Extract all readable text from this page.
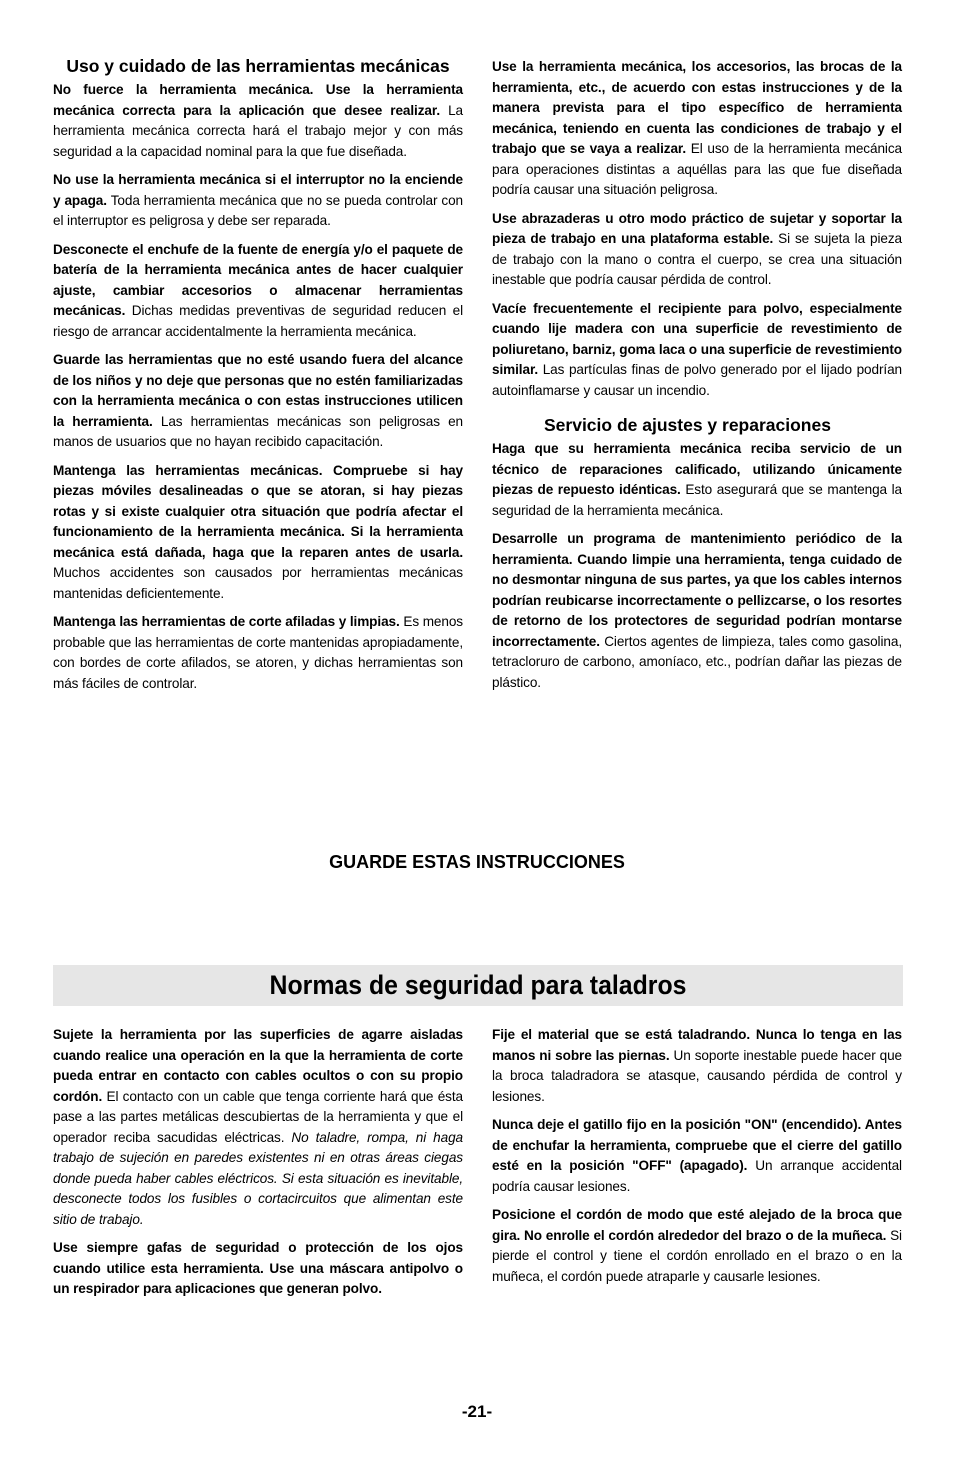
Uso y cuidado de las herramientas mecánicas

No fuerce la herramienta mecánica. Use la herramienta mecánica correcta para la aplicación que desee realizar. La herramienta mecánica correcta hará el trabajo mejor y con más seguridad a la capacidad nominal para la que fue diseñada.

No use la herramienta mecánica si el interruptor no la enciende y apaga. Toda herramienta mecánica que no se pueda controlar con el interruptor es peligrosa y debe ser reparada.

Desconecte el enchufe de la fuente de energía y/o el paquete de batería de la herramienta mecánica antes de hacer cualquier ajuste, cambiar accesorios o almacenar herramientas mecánicas. Dichas medidas preventivas de seguridad reducen el riesgo de arrancar accidentalmente la herramienta mecánica.

Guarde las herramientas que no esté usando fuera del alcance de los niños y no deje que personas que no estén familiarizadas con la herramienta mecánica o con estas instrucciones utilicen la herramienta. Las herramientas mecánicas son peligrosas en manos de usuarios que no hayan recibido capacitación.

Mantenga las herramientas mecánicas. Compruebe si hay piezas móviles desalineadas o que se atoran, si hay piezas rotas y si existe cualquier otra situación que podría afectar el funcionamiento de la herramienta mecánica. Si la herramienta mecánica está dañada, haga que la reparen antes de usarla. Muchos accidentes son causados por herramientas mecánicas mantenidas deficientemente.

Mantenga las herramientas de corte afiladas y limpias. Es menos probable que las herramientas de corte mantenidas apropiadamente, con bordes de corte afilados, se atoren, y dichas herramientas son más fáciles de controlar.

Use la herramienta mecánica, los accesorios, las brocas de la herramienta, etc., de acuerdo con estas instrucciones y de la manera prevista para el tipo específico de herramienta mecánica, teniendo en cuenta las condiciones de trabajo y el trabajo que se vaya a realizar. El uso de la herramienta mecánica para operaciones distintas a aquéllas para las que fue diseñada podría causar una situación peligrosa.

Use abrazaderas u otro modo práctico de sujetar y soportar la pieza de trabajo en una plataforma estable. Si se sujeta la pieza de trabajo con la mano o contra el cuerpo, se crea una situación inestable que podría causar pérdida de control.

Vacíe frecuentemente el recipiente para polvo, especialmente cuando lije madera con una superficie de revestimiento de poliuretano, barniz, goma laca o una superficie de revestimiento similar. Las partículas finas de polvo generado por el lijado podrían autoinflamarse y causar un incendio.

Servicio de ajustes y reparaciones

Haga que su herramienta mecánica reciba servicio de un técnico de reparaciones calificado, utilizando únicamente piezas de repuesto idénticas. Esto asegurará que se mantenga la seguridad de la herramienta mecánica.

Desarrolle un programa de mantenimiento periódico de la herramienta. Cuando limpie una herramienta, tenga cuidado de no desmontar ninguna de sus partes, ya que los cables internos podrían reubicarse incorrectamente o pellizcarse, o los resortes de retorno de los protectores de seguridad podrían montarse incorrectamente. Ciertos agentes de limpieza, tales como gasolina, tetracloruro de carbono, amoníaco, etc., podrían dañar las piezas de plástico.

GUARDE ESTAS INSTRUCCIONES
Normas de seguridad para taladros

Sujete la herramienta por las superficies de agarre aisladas cuando realice una operación en la que la herramienta de corte pueda entrar en contacto con cables ocultos o con su propio cordón. El contacto con un cable que tenga corriente hará que ésta pase a las partes metálicas descubiertas de la herramienta y que el operador reciba sacudidas eléctricas. No taladre, rompa, ni haga trabajo de sujeción en paredes existentes ni en otras áreas ciegas donde pueda haber cables eléctricos. Si esta situación es inevitable, desconecte todos los fusibles o cortacircuitos que alimentan este sitio de trabajo.

Use siempre gafas de seguridad o protección de los ojos cuando utilice esta herramienta. Use una máscara antipolvo o un respirador para aplicaciones que generan polvo.

Fije el material que se está taladrando. Nunca lo tenga en las manos ni sobre las piernas. Un soporte inestable puede hacer que la broca taladradora se atasque, causando pérdida de control y lesiones.

Nunca deje el gatillo fijo en la posición "ON" (encendido). Antes de enchufar la herramienta, compruebe que el cierre del gatillo esté en la posición "OFF" (apagado). Un arranque accidental podría causar lesiones.

Posicione el cordón de modo que esté alejado de la broca que gira. No enrolle el cordón alrededor del brazo o de la muñeca. Si pierde el control y tiene el cordón enrollado en el brazo o en la muñeca, el cordón puede atraparle y causarle lesiones.

-21-
